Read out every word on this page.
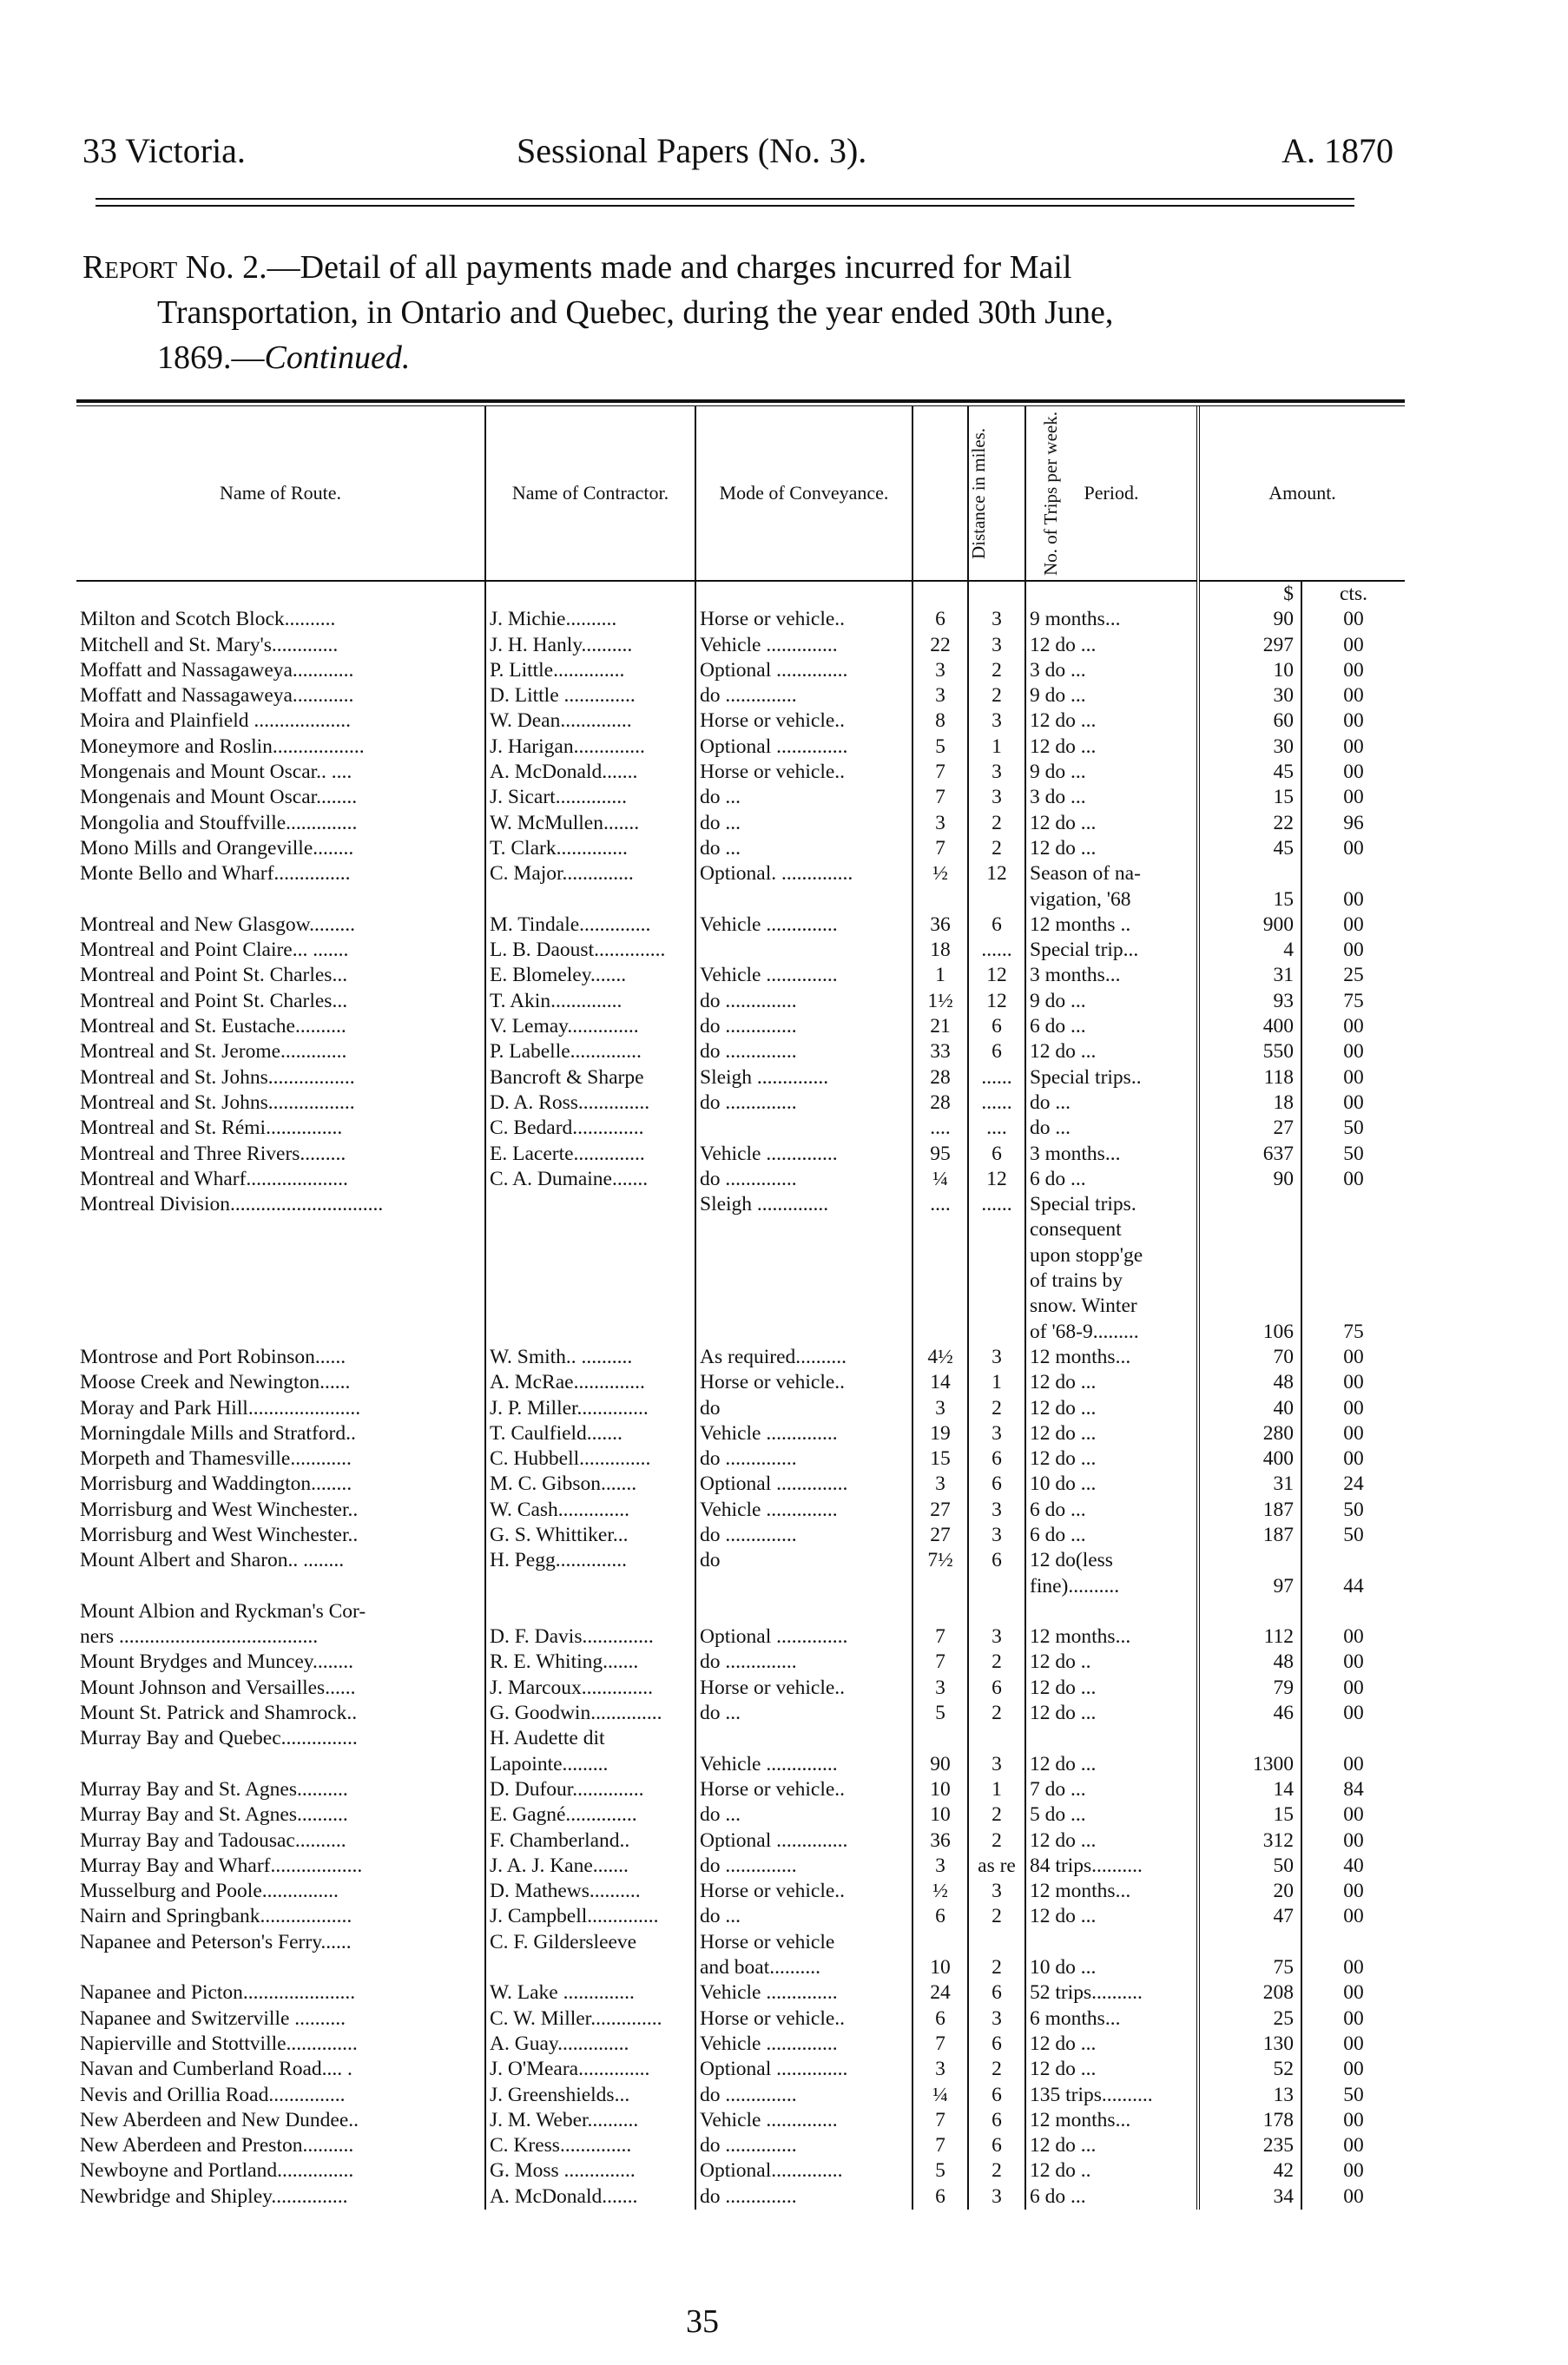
33 Victoria.	Sessional Papers (No. 3).	A. 1870

Report No. 2.—Detail of all payments made and charges incurred for Mail

Transportation, in Ontario and Quebec, during the year ended 30th June,

1869.—Continued.

Name of Route.	Name of Contractor.	Mode of Conveyance.	Distance in miles.	No. of Trips per week.	Period.	Amount.	
						$	cts.
Milton and Scotch Block..........	J. Michie..........	Horse or vehicle..	6	3	9 months...	90	00
Mitchell and St. Mary's.............	J. H. Hanly..........	Vehicle ..............	22	3	12 do ...	297	00
Moffatt and Nassagaweya............	P. Little..............	Optional ..............	3	2	3 do ...	10	00
Moffatt and Nassagaweya............	D. Little ..............	do ..............	3	2	9 do ...	30	00
Moira and Plainfield ...................	W. Dean..............	Horse or vehicle..	8	3	12 do ...	60	00
Moneymore and Roslin..................	J. Harigan..............	Optional ..............	5	1	12 do ...	30	00
Mongenais and Mount Oscar.. ....	A. McDonald.......	Horse or vehicle..	7	3	9 do ...	45	00
Mongenais and Mount Oscar........	J. Sicart..............	do ...	7	3	3 do ...	15	00
Mongolia and Stouffville..............	W. McMullen.......	do ...	3	2	12 do ...	22	96
Mono Mills and Orangeville........	T. Clark..............	do ...	7	2	12 do ...	45	00
Monte Bello and Wharf...............	C. Major..............	Optional. ..............	½	12	Season of na-		
					vigation, '68	15	00
Montreal and New Glasgow.........	M. Tindale..............	Vehicle ..............	36	6	12 months ..	900	00
Montreal and Point Claire... .......	L. B. Daoust..............		18	......	Special trip...	4	00
Montreal and Point St. Charles...	E. Blomeley.......	Vehicle ..............	1	12	3 months...	31	25
Montreal and Point St. Charles...	T. Akin..............	do ..............	1½	12	9 do ...	93	75
Montreal and St. Eustache..........	V. Lemay..............	do ..............	21	6	6 do ...	400	00
Montreal and St. Jerome.............	P. Labelle..............	do ..............	33	6	12 do ...	550	00
Montreal and St. Johns.................	Bancroft & Sharpe	Sleigh ..............	28	......	Special trips..	118	00
Montreal and St. Johns.................	D. A. Ross..............	do ..............	28	......	do ...	18	00
Montreal and St. Rémi...............	C. Bedard..............		....	....	do ...	27	50
Montreal and Three Rivers.........	E. Lacerte..............	Vehicle ..............	95	6	3 months...	637	50
Montreal and Wharf....................	C. A. Dumaine.......	do ..............	¼	12	6 do ...	90	00
Montreal Division..............................		Sleigh ..............	....	......	Special trips.		
					consequent		
					upon stopp'ge		
					of trains by		
					snow. Winter		
					of '68-9.........	106	75
Montrose and Port Robinson......	W. Smith.. ..........	As required..........	4½	3	12 months...	70	00
Moose Creek and Newington......	A. McRae..............	Horse or vehicle..	14	1	12 do ...	48	00
Moray and Park Hill......................	J. P. Miller..............	do	3	2	12 do ...	40	00
Morningdale Mills and Stratford..	T. Caulfield.......	Vehicle ..............	19	3	12 do ...	280	00
Morpeth and Thamesville............	C. Hubbell..............	do ..............	15	6	12 do ...	400	00
Morrisburg and Waddington........	M. C. Gibson.......	Optional ..............	3	6	10 do ...	31	24
Morrisburg and West Winchester..	W. Cash..............	Vehicle ..............	27	3	6 do ...	187	50
Morrisburg and West Winchester..	G. S. Whittiker...	do ..............	27	3	6 do ...	187	50
Mount Albert and Sharon.. ........	H. Pegg..............	do	7½	6	12 do(less		
					fine)..........	97	44
Mount Albion and Ryckman's Cor-							
ners .......................................	D. F. Davis..............	Optional ..............	7	3	12 months...	112	00
Mount Brydges and Muncey........	R. E. Whiting.......	do ..............	7	2	12 do ..	48	00
Mount Johnson and Versailles......	J. Marcoux..............	Horse or vehicle..	3	6	12 do ...	79	00
Mount St. Patrick and Shamrock..	G. Goodwin..............	do ...	5	2	12 do ...	46	00
Murray Bay and Quebec...............	H. Audette dit						
	Lapointe.........	Vehicle ..............	90	3	12 do ...	1300	00
Murray Bay and St. Agnes..........	D. Dufour..............	Horse or vehicle..	10	1	7 do ...	14	84
Murray Bay and St. Agnes..........	E. Gagné..............	do ...	10	2	5 do ...	15	00
Murray Bay and Tadousac..........	F. Chamberland..	Optional ..............	36	2	12 do ...	312	00
Murray Bay and Wharf..................	J. A. J. Kane.......	do ..............	3	as re	84 trips..........	50	40
Musselburg and Poole...............	D. Mathews..........	Horse or vehicle..	½	3	12 months...	20	00
Nairn and Springbank..................	J. Campbell..............	do ...	6	2	12 do ...	47	00
Napanee and Peterson's Ferry......	C. F. Gildersleeve	Horse or vehicle					
		and boat..........	10	2	10 do ...	75	00
Napanee and Picton......................	W. Lake ..............	Vehicle ..............	24	6	52 trips..........	208	00
Napanee and Switzerville ..........	C. W. Miller..............	Horse or vehicle..	6	3	6 months...	25	00
Napierville and Stottville..............	A. Guay..............	Vehicle ..............	7	6	12 do ...	130	00
Navan and Cumberland Road.... .	J. O'Meara..............	Optional ..............	3	2	12 do ...	52	00
Nevis and Orillia Road...............	J. Greenshields...	do ..............	¼	6	135 trips..........	13	50
New Aberdeen and New Dundee..	J. M. Weber..........	Vehicle ..............	7	6	12 months...	178	00
New Aberdeen and Preston..........	C. Kress..............	do ..............	7	6	12 do ...	235	00
Newboyne and Portland...............	G. Moss ..............	Optional..............	5	2	12 do ..	42	00
Newbridge and Shipley...............	A. McDonald.......	do ..............	6	3	6 do ...	34	00
35
